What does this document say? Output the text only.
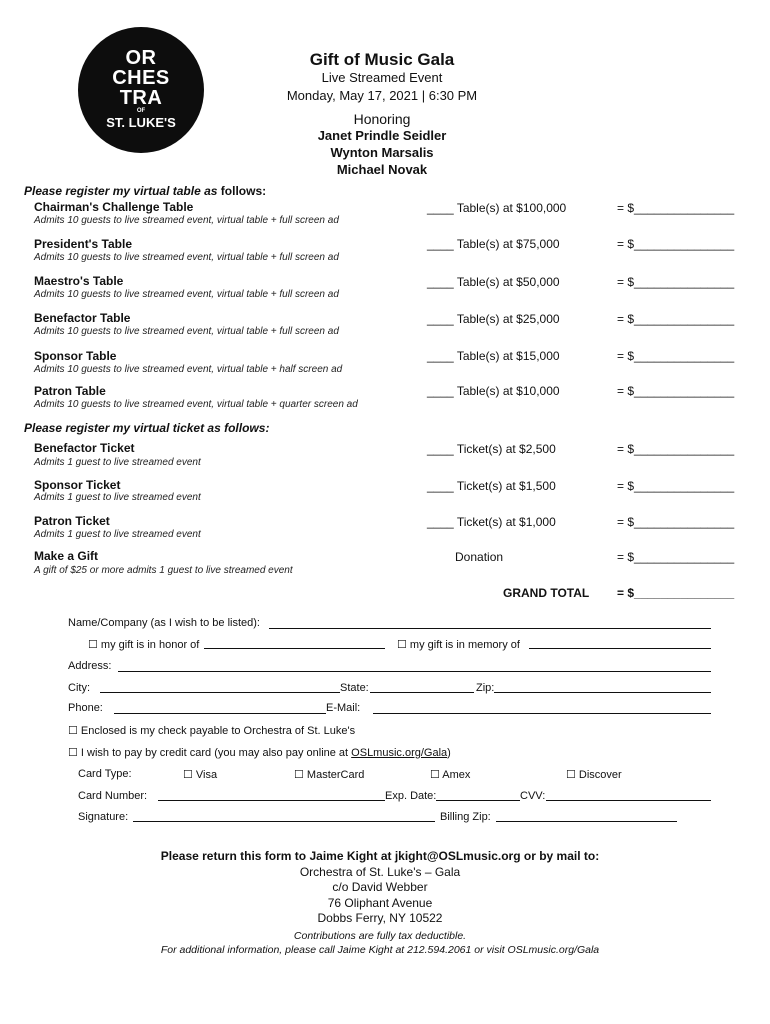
OR
CHES
TRA
OF
ST. LUKE'S
Gift of Music Gala
Live Streamed Event
Monday, May 17, 2021 | 6:30 PM
Honoring
Janet Prindle Seidler
Wynton Marsalis
Michael Novak
Please register my virtual table as follows:
Chairman's Challenge Table
Admits 10 guests to live streamed event, virtual table + full screen ad
____ Table(s) at $100,000	= $_______________
President's Table
Admits 10 guests to live streamed event, virtual table + full screen ad
____ Table(s) at $75,000	= $_______________
Maestro's Table
Admits 10 guests to live streamed event, virtual table + full screen ad
____ Table(s) at $50,000	= $_______________
Benefactor Table
Admits 10 guests to live streamed event, virtual table + full screen ad
____ Table(s) at $25,000	= $_______________
Sponsor Table
Admits 10 guests to live streamed event, virtual table + half screen ad
____ Table(s) at $15,000	= $_______________
Patron Table
Admits 10 guests to live streamed event, virtual table + quarter screen ad
____ Table(s) at $10,000	= $_______________
Please register my virtual ticket as follows:
Benefactor Ticket
Admits 1 guest to live streamed event
____ Ticket(s) at $2,500	= $_______________
Sponsor Ticket
Admits 1 guest to live streamed event
____ Ticket(s) at $1,500	= $_______________
Patron Ticket
Admits 1 guest to live streamed event
____ Ticket(s) at $1,000	= $_______________
Make a Gift
A gift of $25 or more admits 1 guest to live streamed event
Donation	= $_______________
GRAND TOTAL = $_______________
Name/Company (as I wish to be listed):
☐ my gift is in honor of	☐ my gift is in memory of
Address:
City:	State:	Zip:
Phone:	E-Mail:
☐ Enclosed is my check payable to Orchestra of St. Luke's
☐ I wish to pay by credit card (you may also pay online at OSLmusic.org/Gala)
Card Type:	☐ Visa	☐ MasterCard	☐ Amex	☐ Discover
Card Number:	Exp. Date:	CVV:
Signature:	Billing Zip:
Please return this form to Jaime Kight at jkight@OSLmusic.org or by mail to:
Orchestra of St. Luke's – Gala
c/o David Webber
76 Oliphant Avenue
Dobbs Ferry, NY 10522
Contributions are fully tax deductible.
For additional information, please call Jaime Kight at 212.594.2061 or visit OSLmusic.org/Gala
